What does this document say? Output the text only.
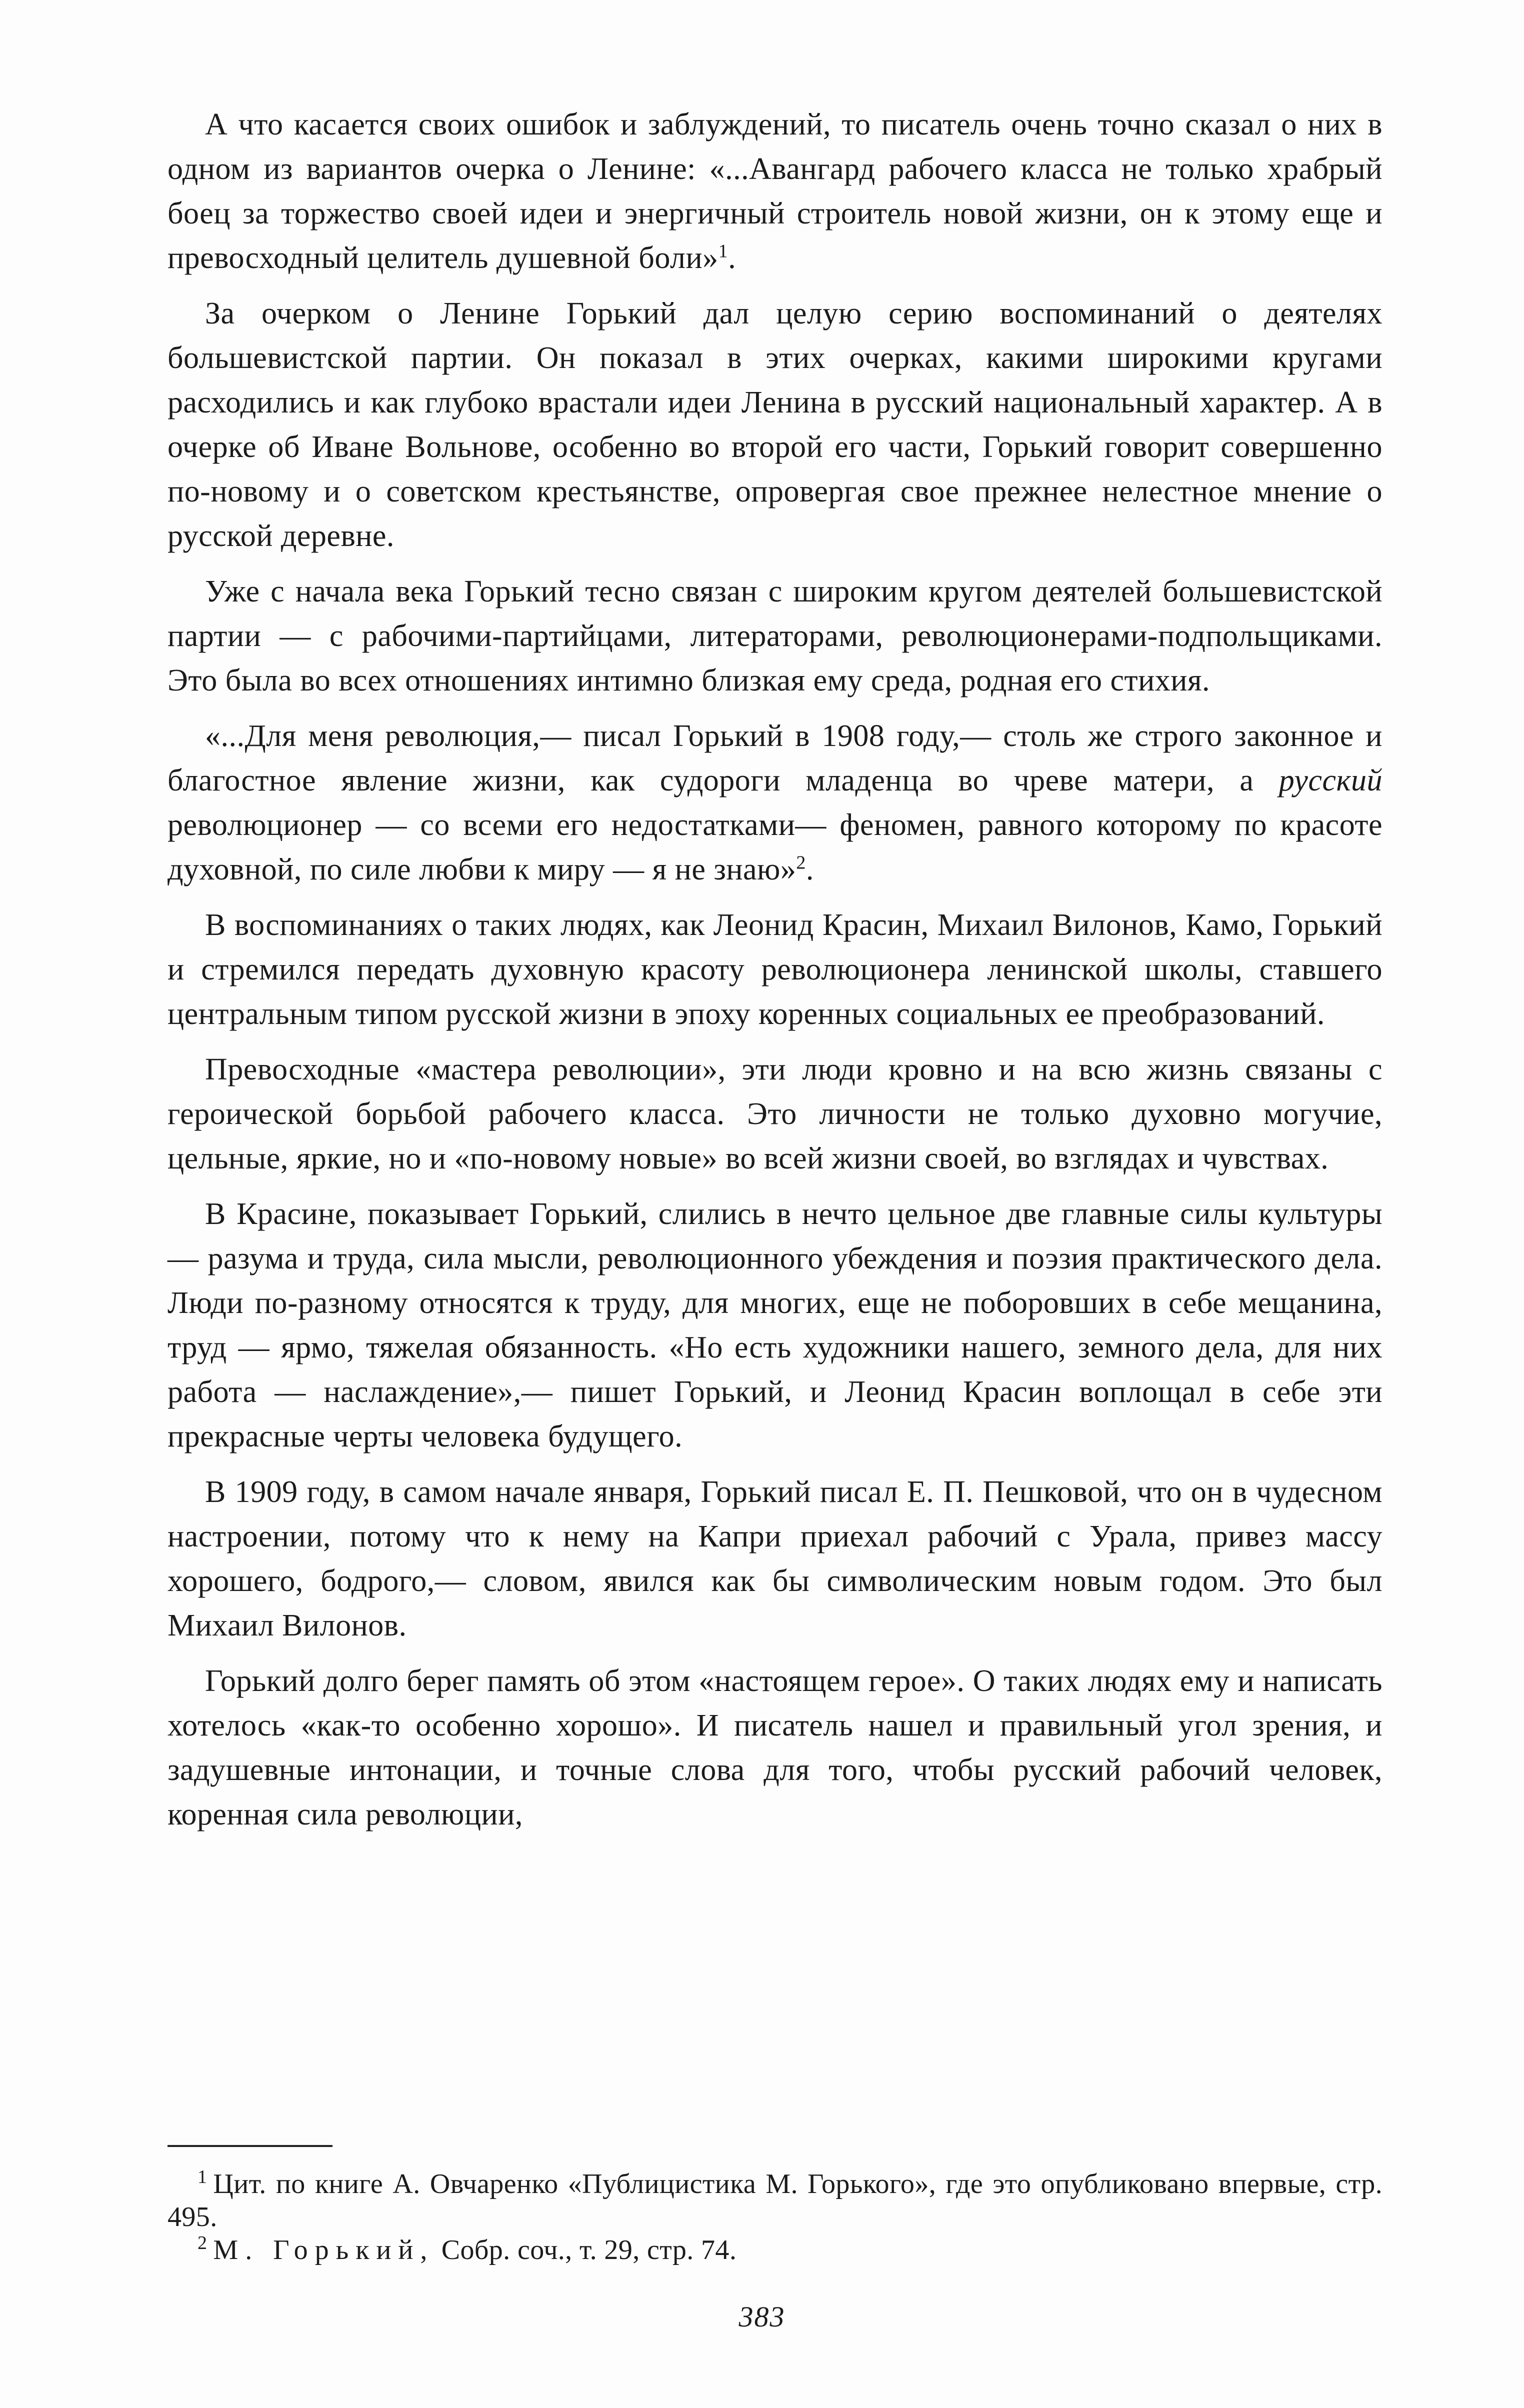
А что касается своих ошибок и заблуждений, то писатель очень точно сказал о них в одном из вариантов очерка о Ленине: «...Авангард рабочего класса не только храбрый боец за торжество своей идеи и энергичный строитель новой жизни, он к этому еще и превосходный целитель душевной боли»$^1$.

За очерком о Ленине Горький дал целую серию воспоминаний о деятелях большевистской партии. Он показал в этих очерках, какими широкими кругами расходились и как глубоко врастали идеи Ленина в русский национальный характер. А в очерке об Иване Вольнове, особенно во второй его части, Горький говорит совершенно по-новому и о советском крестьянстве, опровергая свое прежнее нелестное мнение о русской деревне.

Уже с начала века Горький тесно связан с широким кругом деятелей большевистской партии — с рабочими-партийцами, литераторами, революционерами-подпольщиками. Это была во всех отношениях интимно близкая ему среда, родная его стихия.

«...Для меня революция,— писал Горький в 1908 году,— столь же строго законное и благостное явление жизни, как судороги младенца во чреве матери, а русский революционер — со всеми его недостатками— феномен, равного которому по красоте духовной, по силе любви к миру — я не знаю»$^2$.

В воспоминаниях о таких людях, как Леонид Красин, Михаил Вилонов, Камо, Горький и стремился передать духовную красоту революционера ленинской школы, ставшего центральным типом русской жизни в эпоху коренных социальных ее преобразований.

Превосходные «мастера революции», эти люди кровно и на всю жизнь связаны с героической борьбой рабочего класса. Это личности не только духовно могучие, цельные, яркие, но и «по-новому новые» во всей жизни своей, во взглядах и чувствах.

В Красине, показывает Горький, слились в нечто цельное две главные силы культуры — разума и труда, сила мысли, революционного убеждения и поэзия практического дела. Люди по-разному относятся к труду, для многих, еще не поборовших в себе мещанина, труд — ярмо, тяжелая обязанность. «Но есть художники нашего, земного дела, для них работа — наслаждение»,— пишет Горький, и Леонид Красин воплощал в себе эти прекрасные черты человека будущего.

В 1909 году, в самом начале января, Горький писал Е. П. Пешковой, что он в чудесном настроении, потому что к нему на Капри приехал рабочий с Урала, привез массу хорошего, бодрого,— словом, явился как бы символическим новым годом. Это был Михаил Вилонов.

Горький долго берег память об этом «настоящем герое». О таких людях ему и написать хотелось «как-то особенно хорошо». И писатель нашел и правильный угол зрения, и задушевные интонации, и точные слова для того, чтобы русский рабочий человек, коренная сила революции,

$^1$ Цит. по книге А. Овчаренко «Публицистика М. Горького», где это опубликовано впервые, стр. 495.

$^2$ М. Горький, Собр. соч., т. 29, стр. 74.

383
